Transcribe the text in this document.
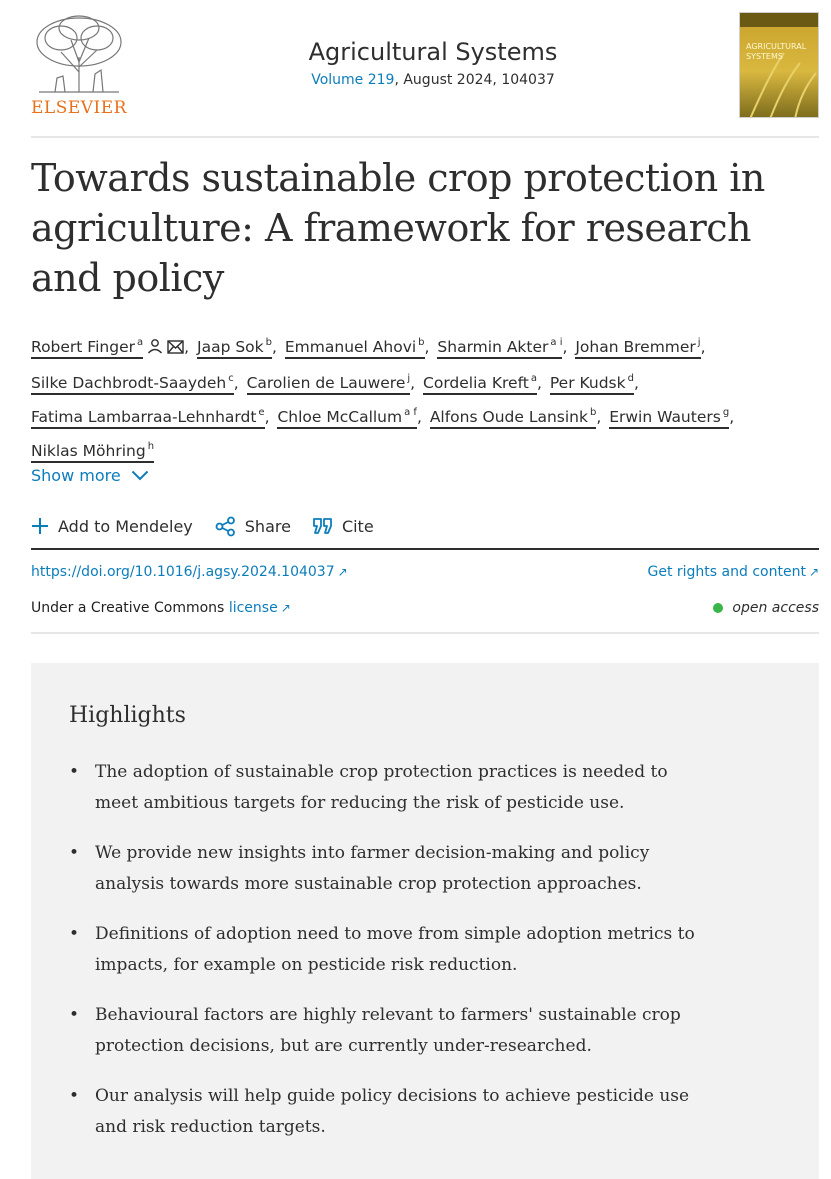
ELSEVIER
Agricultural Systems
Volume 219, August 2024, 104037
AGRICULTURAL
SYSTEMS
Towards sustainable crop protection in agriculture: A framework for research and policy
Robert Finger $^a$	, Jaap Sok $^b$, Emmanuel Ahovi $^b$, Sharmin Akter $^{a i}$, Johan Bremmer $^j$,
Silke Dachbrodt-Saaydeh $^c$, Carolien de Lauwere $^j$, Cordelia Kreft $^a$, Per Kudsk $^d$,
Fatima Lambarraa-Lehnhardt $^e$, Chloe McCallum $^{a f}$, Alfons Oude Lansink $^b$, Erwin Wauters $^g$,
Niklas Möhring $^h$
Show more
Add to Mendeley	Share	Cite
https://doi.org/10.1016/j.agsy.2024.104037 ↗	Get rights and content ↗
Under a Creative Commons license ↗	open access
Highlights
• The adoption of sustainable crop protection practices is needed to meet ambitious targets for reducing the risk of pesticide use.
• We provide new insights into farmer decision-making and policy analysis towards more sustainable crop protection approaches.
• Definitions of adoption need to move from simple adoption metrics to impacts, for example on pesticide risk reduction.
• Behavioural factors are highly relevant to farmers' sustainable crop protection decisions, but are currently under-researched.
• Our analysis will help guide policy decisions to achieve pesticide use and risk reduction targets.
